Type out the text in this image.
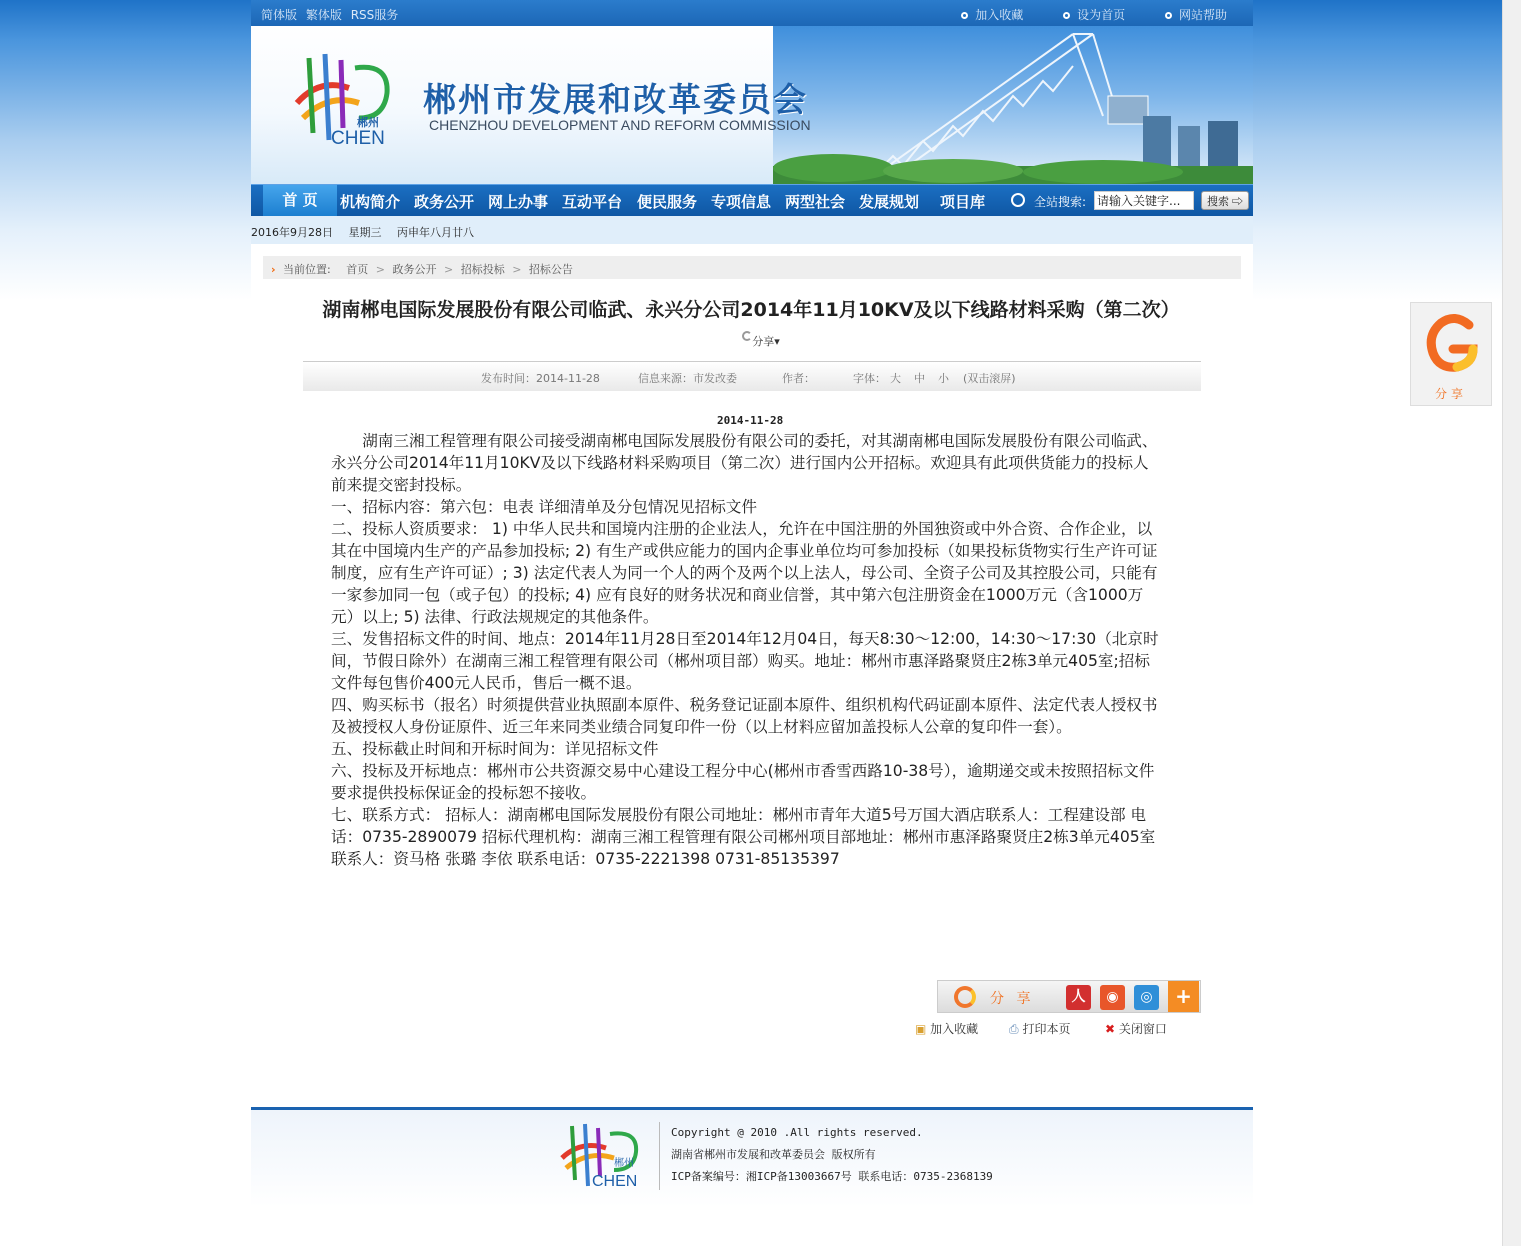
简体版 繁体版 RSS服务	加入收藏	设为首页	网站帮助
郴州
CHEN
郴州市发展和改革委员会
CHENZHOU DEVELOPMENT AND REFORM COMMISSION
首 页	机构简介 政务公开 网上办事 互动平台 便民服务 专项信息 两型社会 发展规划 项目库	全站搜索:
请输入关键字...	搜索 ⇨
2016年9月28日 星期三 丙申年八月廿八
› 当前位置: 首页 > 政务公开 > 招标投标 > 招标公告
湖南郴电国际发展股份有限公司临武、永兴分公司2014年11月10KV及以下线路材料采购（第二次） 分享▾
发布时间：2014-11-28	信息来源：市发改委	作者：	字体： 大 中 小 (双击滚屏)
2014-11-28

湖南三湘工程管理有限公司接受湖南郴电国际发展股份有限公司的委托，对其湖南郴电国际发展股份有限公司临武、永兴分公司2014年11月10KV及以下线路材料采购项目（第二次）进行国内公开招标。欢迎具有此项供货能力的投标人前来提交密封投标。

一、招标内容：第六包：电表 详细清单及分包情况见招标文件

二、投标人资质要求： 1) 中华人民共和国境内注册的企业法人，允许在中国注册的外国独资或中外合资、合作企业，以其在中国境内生产的产品参加投标; 2) 有生产或供应能力的国内企事业单位均可参加投标（如果投标货物实行生产许可证制度，应有生产许可证）; 3) 法定代表人为同一个人的两个及两个以上法人，母公司、全资子公司及其控股公司，只能有一家参加同一包（或子包）的投标; 4) 应有良好的财务状况和商业信誉，其中第六包注册资金在1000万元（含1000万元）以上; 5) 法律、行政法规规定的其他条件。

三、发售招标文件的时间、地点：2014年11月28日至2014年12月04日，每天8:30～12:00，14:30～17:30（北京时间，节假日除外）在湖南三湘工程管理有限公司（郴州项目部）购买。地址：郴州市惠泽路聚贤庄2栋3单元405室;招标文件每包售价400元人民币，售后一概不退。

四、购买标书（报名）时须提供营业执照副本原件、税务登记证副本原件、组织机构代码证副本原件、法定代表人授权书及被授权人身份证原件、近三年来同类业绩合同复印件一份（以上材料应留加盖投标人公章的复印件一套）。

五、投标截止时间和开标时间为：详见招标文件

六、投标及开标地点：郴州市公共资源交易中心建设工程分中心(郴州市香雪西路10-38号），逾期递交或未按照招标文件要求提供投标保证金的投标恕不接收。

七、联系方式： 招标人：湖南郴电国际发展股份有限公司地址：郴州市青年大道5号万国大酒店联系人：工程建设部 电话：0735-2890079 招标代理机构：湖南三湘工程管理有限公司郴州项目部地址：郴州市惠泽路聚贤庄2栋3单元405室联系人：资马格 张璐 李依 联系电话：0735-2221398 0731-85135397

分 享	人	◉	◎	+
▣ 加入收藏	⎙ 打印本页	✖ 关闭窗口
郴州
CHEN
Copyright @ 2010 .All rights reserved.
湖南省郴州市发展和改革委员会 版权所有
ICP备案编号：湘ICP备13003667号 联系电话：0735-2368139
分享
